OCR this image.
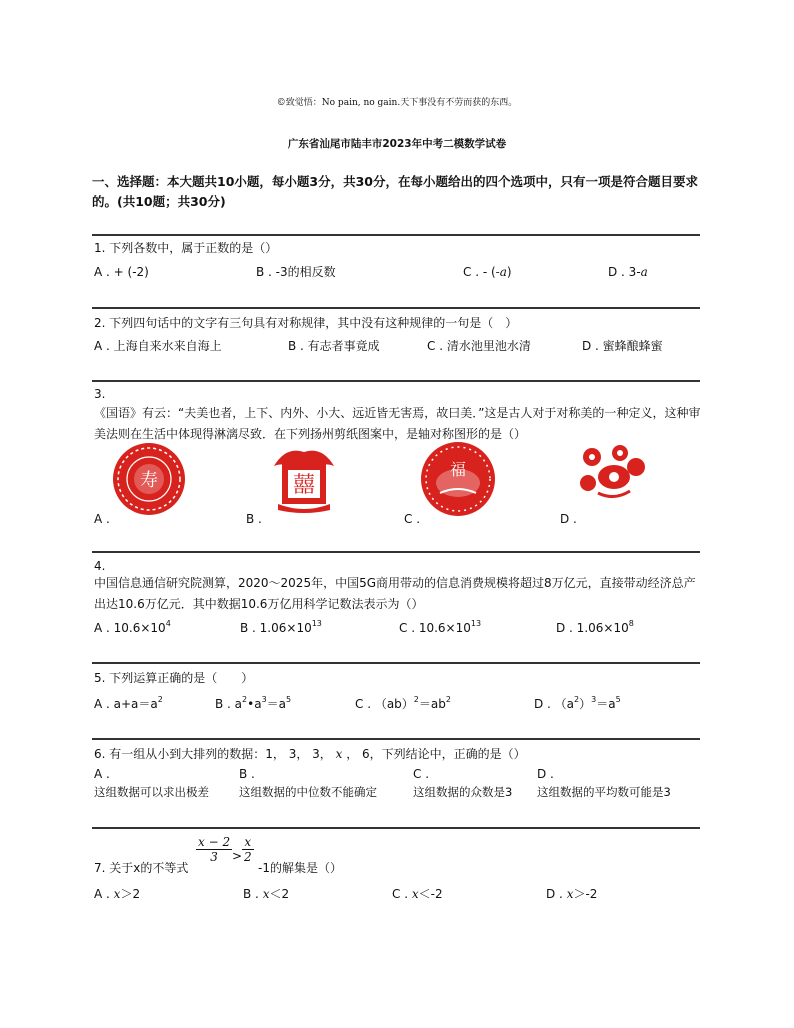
©致觉悟：No pain, no gain.天下事没有不劳而获的东西。
广东省汕尾市陆丰市2023年中考二模数学试卷
一、选择题：本大题共10小题，每小题3分，共30分，在每小题给出的四个选项中，只有一项是符合题目要求的。(共10题；共30分)
1. 下列各数中，属于正数的是（）
A . + (-2)	B . -3的相反数	C . - (-a)	D . 3-a
2. 下列四句话中的文字有三句具有对称规律，其中没有这种规律的一句是（　）
A . 上海自来水来自海上	B . 有志者事竟成	C . 清水池里池水清	D . 蜜蜂酿蜂蜜
3.
《国语》有云：“夫美也者，上下、内外、小大、远近皆无害焉，故曰美．”这是古人对于对称美的一种定义，这种审美法则在生活中体现得淋漓尽致．在下列扬州剪纸图案中，是轴对称图形的是（）
寿	囍
福
A .	B .	C .	D .
4.
中国信息通信研究院测算，2020～2025年，中国5G商用带动的信息消费规模将超过8万亿元，直接带动经济总产出达10.6万亿元．其中数据10.6万亿用科学记数法表示为（）
A . $10.6\times 10^4$	B . $1.06\times 10^{13}$	C . $10.6\times 10^{13}$	D . $1.06\times 10^8$
5. 下列运算正确的是（　　）
A . $a+a=a^2$	B . $a^2•a^3=a^5$	C . $(ab)^2=ab^2$	D . $(a^2)^3=a^5$
6. 有一组从小到大排列的数据：1， 3， 3， x ， 6，下列结论中，正确的是（）
A .	B .	C .	D .
这组数据可以求出极差	这组数据的中位数不能确定	这组数据的众数是3 这组数据的平均数可能是3
7. 关于x的不等式
$\frac{x - 2}{3} > \frac{x}{2}$
-1的解集是（）
A . x＞2	B . x＜2	C . x＜-2	D . x＞-2
